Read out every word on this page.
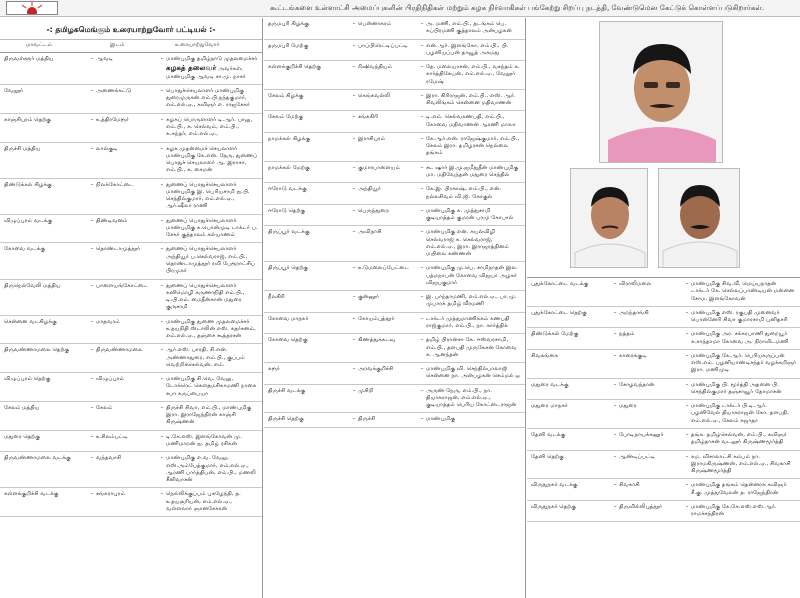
கூட்டங்களை உள்ளாட்சி அமைப்புகளின் பிரதிநிதிகள் மற்றும் கழக நிர்வாகிகள் பங்கேற்று சிறப்பு நடத்தி, வேண்டுமென கேட்டுக் கொள்ளப்படுகிறார்கள்.
-: தமிழகமெங்கும் உரையாற்றுவோர் பட்டியல் :-
மாவட்டம்	இடம்	உரையாற்றுவோர்
திருவள்ளூர் மத்திய	– ஆவடி	– மாண்புமிகு தமிழ்நாடு முதலமைச்சர் கழகத் தலைவர் அவர்கள், மாண்புமிகு ஆவடி சா.மு. நாசர்
வேலூர்	– அணைக்கட்டு	– பொதுச்செயலாளர் மாண்புமிகு துரைமுருகன் எம்.பி.நந்தகுமார், எம்.எல்.ஏ., கவிஞர் எ. ராஜசேகர்
காஞ்சிபுரம் தெற்கு	– உத்திரமேரூர்	– கழகப் பொருளாளர் டி.ஆர். பாலு, எம்.பி., க. செல்வம், எம்.பி., க.சுந்தர், எம்.எல்.ஏ.,
திருச்சி மத்திய	– லால்குடி	– கழக முதன்மைச் செயலாளர் மாண்புமிகு கே.என். நேரு, துணைப் பொதுச் செயலாளர் ஆ. இராசா, எம்.பி., க. சைமன்
திண்டுக்கல் கிழக்கு	– நிலக்கோட்டை	– துணைப் பொதுச்செயலாளர் மாண்புமிகு இ. பெரியசாமி ஐ.பி. செந்தில்குமார், எம்.எல்.ஏ., ஆர்.ஷீலா ராணி
விழுப்புரம் வடக்கு	– திண்டிவனம்	– துணைப் பொதுச்செயலாளர் மாண்புமிகு க.பொன்முடி டாக்டர் ப. சேகர் குத்தாலம் கல்யாணம்
கோவை வடக்கு	– தொண்டாமுத்தூர்	– துணைப் பொதுச்செயலாளர் அந்தியூர் ப.செல்வராஜ், எம்.பி., தொண்டாமுத்தூர் ரவி பேரூராட்சிப் பிரமுகர்
திருநெல்வேலி மத்திய	– பாளையங்கோட்டை	– துணைப் பொதுச்செயலாளர் கனிமொழி கருணாநிதி எம்.பி., டி.பி.எம். மைதீன்கான் மதுரை குருசாமி
சென்னை வடகிழக்கு	– மாதவரம்	– மாண்புமிகு துணை முதலமைச்சர் உதயநிதி ஸ்டாலின் எஸ். சுதர்சனம், எம்.எல்.ஏ., தஞ்சை கூத்தரசன்
திருவண்ணாமலை தெற்கு	– திருவண்ணாமலை	– ஆர்.எஸ். பாரதி, சி.என். அண்ணாதுரை, எம்.பி., குப்பம் வெற்றிச்செல்வன், எம்.
விழுப்புரம் தெற்கு	– விழுப்புரம்	– மாண்புமிகு சி.வெ. வேலு, டோக்ரெட் கௌதமசிகாமணி நாகை சபா கருப்பையா
சேலம் மத்திய	– சேலம்	– திருச்சி சிவா, எம்.பி., மாண்புமிகு இரா. இராஜேந்திரன் காஞ்சி கிருஷ்ணன்
மதுரை தெற்கு	– உசிலம்பட்டி	– டி.கே.எஸ். இளங்கோவன் மு. மணிமாறன் ஐ. தமிழ் ரசிகன்
திருவண்ணாமலை வடக்கு	– வந்தவாசி	– மாண்புமிகு எ.வ. வேலு, எஸ்.அம்பேத்குமார், எம்.எல்.ஏ., ஆரணி பார்த்திபன், எம்.பி., மணலி சீனிவாசன்
கள்ளக்குறிச்சி வடக்கு	– சங்கராபுரம்	– நெல்லிக்குப்பம் புகழேந்தி, த. உதயசூரியன், எம்.எல்.ஏ., வள்ளலார் ஞானசேகரன்
தருமபுரி கிழக்கு	– பென்னாகரம்	– அ. மணி, எம்.பி., தடங்கம் பெ. சுப்பிரமணி குத்தாலம் அன்பழகன்
தருமபுரி மேற்கு	– பாப்பிரெட்டிப்பட்டி	– என்.ஆர். இளங்கோ, எம்.பி., பி. பழனியப்பன் தாவூத் அகமது
கள்ளக்குறிச்சி தெற்கு	– ரிஷிவந்தியம்	– தே. மலையரசன், எம்.பி., வசந்தம் க. கார்த்திகேயன், எம்.எல்.ஏ., வேலூர் ரமேஷ்
சேலம் கிழக்கு	– கெங்கவல்லி	– இரா. கிரிராஜன், எம்.பி., எஸ். ஆர். சிவலிங்கம் சென்னை மதிவாணன்
சேலம் மேற்கு	– சங்ககிரி	– டி.எம். செல்வகணபதி, எம்.பி., கோவை மதிவாணன் ஆரணி மாலா
நாமக்கல் கிழக்கு	– இராசிபுரம்	– கே.ஆர்.என். ராஜேஷ்குமார், எம்.பி., சேலம் இரா. தமிழரசன் நெல்லை தங்கம்
நாமக்கல் மேற்கு	– குமாரபாளையம்	– கூ. ஷார் இ.மு.ஜமீதுதீன் மாண்புமிகு மா. மதிவேந்தன் மதுரை செந்தில்
ஈரோடு வடக்கு	– அந்தியூர்	– கே.இ. பிரகாஷ், எம்.பி., என். நல்லசிவம் வி.ஜி. கோகுல்
ஈரோடு தெற்கு	– பெருந்துறை	– மாண்புமிகு சு. முத்துசாமி குடியாத்தம் குமரன் பரமு கோபால்
திருப்பூர் வடக்கு	– அவிநாசி	– மாண்புமிகு என். கயல்விழி செல்வராஜ் க. செல்வராஜ், எம்.எல்.ஏ., இரா. இராஜரத்தினம் மயிலை கண்ணன்
திருப்பூர் தெற்கு	– உடுமலைப்பேட்டை	– மாண்புமிகு மு.பெ. சாமிநாதன் இல. பத்மநாபன் கோவை விஜயா அழகர் விஜயகுமார்
நீலகிரி	– குன்னூர்	– இ. பாந்தாமணி, எம்.எல்.ஏ., பா.மு. முபாரக் தமிழ் வீரமணி
கோவை மாநகர்	– கோயம்புத்தூர்	– டாக்டர் முத்துமாணிக்கம் கணபதி ராஜ்குமார், எம்.பி., நா. கார்த்திக்
கோவை தெற்கு	– கிணத்துக்கடவு	– தமிழ் பிரான்சா கே. ஈஸ்வரசாமி, எம்.பி., தளபதி முருகேசன் கோவை க. ஆனந்தன்
கரூர்	– அரவக்குறிச்சி	– மாண்புமிகு வி. செந்தில்பாலாஜி சென்னை நா. அன்பழகன் செம்மல் ஒ
திருச்சி வடக்கு	– முசிறி	– அருண் நேரு, எம்.பி., நா. தியாகராஜன், எம்.எல்.ஏ., குடியாத்தம் பெரிய கோட்டைராஜன்
திருச்சி தெற்கு	– திருச்சி	– மாண்புமிகு
புதுக்கோட்டை வடக்கு	– விராலிமலை	– மாண்புமிகு சிவ.வீ. மெய்யநாதன் டாக்டர் கே. செல்லப்பாண்டியன் மன்னை சோம. இளங்கோவன்
புதுக்கோட்டை தெற்கு	– அறந்தாங்கி	– மாண்புமிகு எஸ். ரகுபதி முனைவர் பொன்னேரி சிவா குமாரசாமி புனிதசரி
திண்டுக்கல் மேற்கு	– நத்தம்	– மாண்புமிகு அர. சக்கரபாணி துறையூர் சு.சாந்தாமா கோவை அ. நிராவிடமணி
சிவகங்கை	– காரைக்குடி	– மாண்புமிகு கே.ஆர். பெரியகருப்பன் எஸ்.எம். பழனியாண்டிசந்தர் வழக்கறிஞர் இரா. மணிமுடி
மதுரை வடக்கு	– சோழவந்தான்	– மாண்புமிகு பி. மூர்த்தி அதனை பி. செந்தில்குமார் தஞ்சாவூர் தோமாசன்
மதுரை மாநகர்	– மதுரை	– மாண்புமிகு டாக்டர் பி.டி.ஆர். பழனிவேல் தியாகராஜன் கோ. தளபதி, எம்.எல்.ஏ., சேலம் சுஜாதா
தேனி வடக்கு	– போடிநாயக்கனூர்	– தங்க. தமிழ்செல்வன், எம்.பி., கவிஞர் தமிழ்தாசன் வடலூர் கிருஷ்ணமூர்த்தி
தேனி தெற்கு	– ஆண்டிப்பட்டி	– கம. விசாலாட்சி கம்பம் நா. இராமகிருஷ்ணன், எம்.எல்.ஏ., சிவகாசி கிருஷ்ணமூர்த்தி
விருதுநகர் வடக்கு	– சிவகாசி	– மாண்புமிகு தங்கம் தென்னரசு கவிஞர் சீ.கு. முத்துவேலன் த. ராஜேந்திரன்
விருதுநகர் தெற்கு	– திருவில்லிபுத்தூர்	– மாண்புமிகு கே.கே.எஸ்.எஸ்.ஆர். ராமச்சந்திரன்
